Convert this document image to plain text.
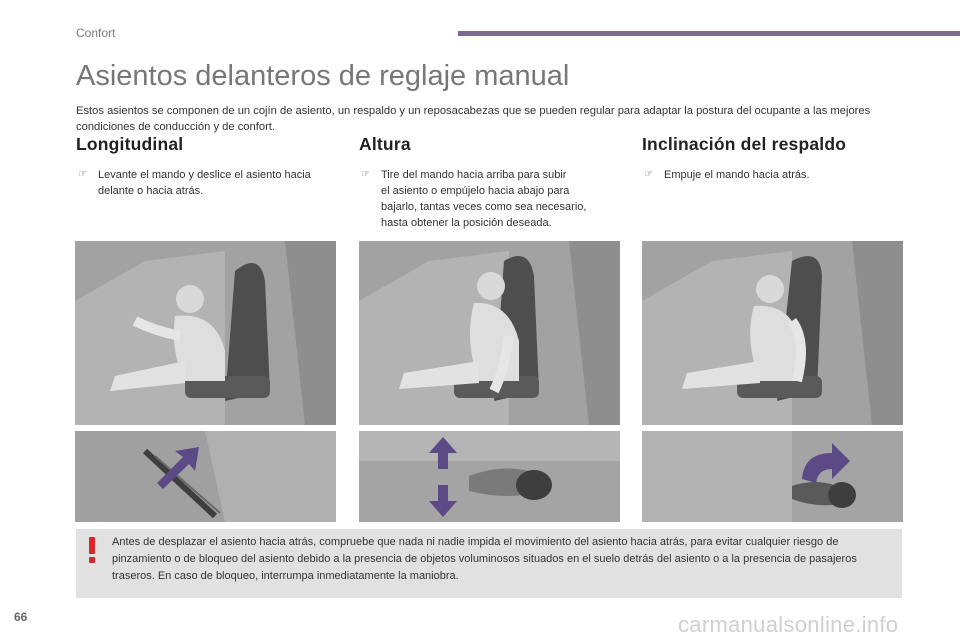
Confort
Asientos delanteros de reglaje manual

Estos asientos se componen de un cojín de asiento, un respaldo y un reposacabezas que se pueden regular para adaptar la postura del ocupante a las mejores condiciones de conducción y de confort.

Longitudinal
☞ Levante el mando y deslice el asiento hacia
delante o hacia atrás.
Altura
☞ Tire del mando hacia arriba para subir
el asiento o empújelo hacia abajo para
bajarlo, tantas veces como sea necesario,
hasta obtener la posición deseada.
Inclinación del respaldo
☞ Empuje el mando hacia atrás.
Antes de desplazar el asiento hacia atrás, compruebe que nada ni nadie impida el movimiento del asiento hacia atrás, para evitar cualquier riesgo de pinzamiento o de bloqueo del asiento debido a la presencia de objetos voluminosos situados en el suelo detrás del asiento o a la presencia de pasajeros traseros. En caso de bloqueo, interrumpa inmediatamente la maniobra.
66	carmanualsonline.info
